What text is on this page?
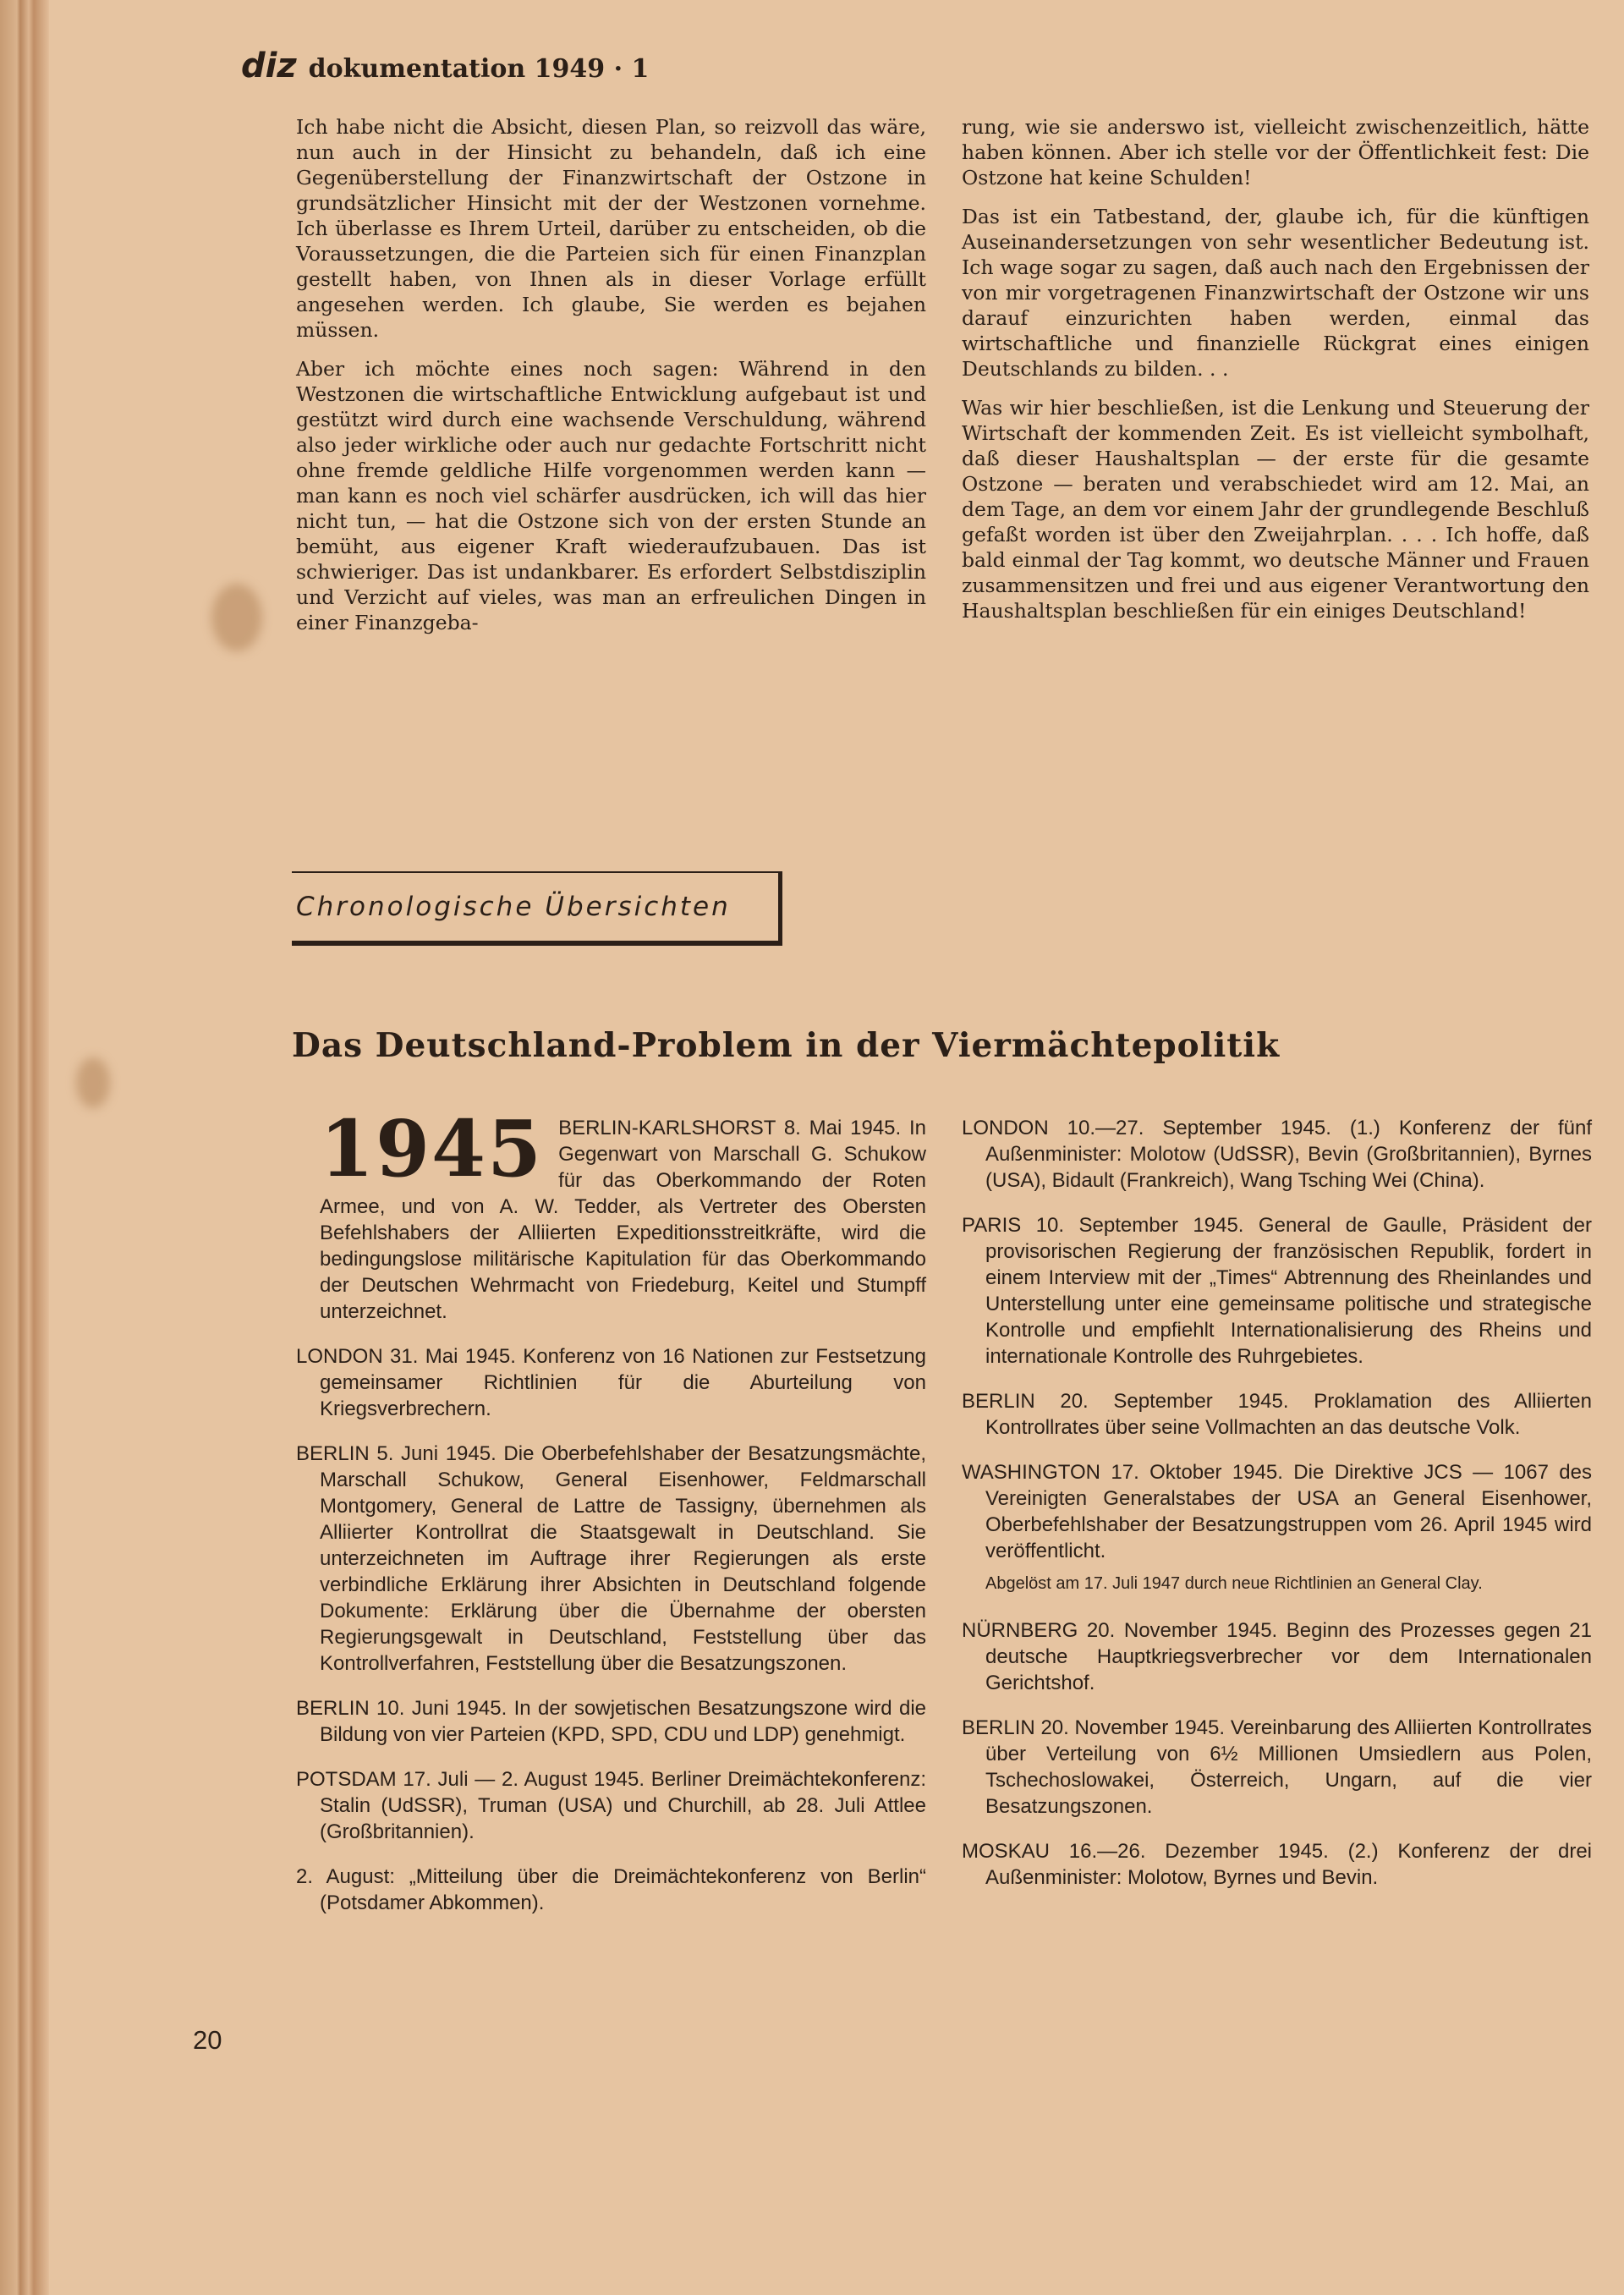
diz dokumentation 1949 · 1

Ich habe nicht die Absicht, diesen Plan, so reizvoll das wäre, nun auch in der Hinsicht zu behandeln, daß ich eine Gegenüberstellung der Finanzwirtschaft der Ostzone in grundsätzlicher Hinsicht mit der der Westzonen vornehme. Ich überlasse es Ihrem Urteil, darüber zu entscheiden, ob die Voraussetzungen, die die Parteien sich für einen Finanzplan gestellt haben, von Ihnen als in dieser Vorlage erfüllt angesehen werden. Ich glaube, Sie werden es bejahen müssen.

Aber ich möchte eines noch sagen: Während in den Westzonen die wirtschaftliche Entwicklung aufgebaut ist und gestützt wird durch eine wachsende Verschuldung, während also jeder wirkliche oder auch nur gedachte Fortschritt nicht ohne fremde geldliche Hilfe vorgenommen werden kann — man kann es noch viel schärfer ausdrücken, ich will das hier nicht tun, — hat die Ostzone sich von der ersten Stunde an bemüht, aus eigener Kraft wiederaufzubauen. Das ist schwieriger. Das ist undankbarer. Es erfordert Selbstdisziplin und Verzicht auf vieles, was man an erfreulichen Dingen in einer Finanzgeba-

rung, wie sie anderswo ist, vielleicht zwischenzeitlich, hätte haben können. Aber ich stelle vor der Öffentlichkeit fest: Die Ostzone hat keine Schulden!

Das ist ein Tatbestand, der, glaube ich, für die künftigen Auseinandersetzungen von sehr wesentlicher Bedeutung ist. Ich wage sogar zu sagen, daß auch nach den Ergebnissen der von mir vorgetragenen Finanzwirtschaft der Ostzone wir uns darauf einzurichten haben werden, einmal das wirtschaftliche und finanzielle Rückgrat eines einigen Deutschlands zu bilden. . .

Was wir hier beschließen, ist die Lenkung und Steuerung der Wirtschaft der kommenden Zeit. Es ist vielleicht symbolhaft, daß dieser Haushaltsplan — der erste für die gesamte Ostzone — beraten und verabschiedet wird am 12. Mai, an dem Tage, an dem vor einem Jahr der grundlegende Beschluß gefaßt worden ist über den Zweijahrplan. . . . Ich hoffe, daß bald einmal der Tag kommt, wo deutsche Männer und Frauen zusammensitzen und frei und aus eigener Verantwortung den Haushaltsplan beschließen für ein einiges Deutschland!

Chronologische Übersichten
Das Deutschland-Problem in der Viermächtepolitik
1945 BERLIN-KARLSHORST 8. Mai 1945. In Gegenwart von Marschall G. Schukow für das Oberkommando der Roten Armee, und von A. W. Tedder, als Vertreter des Obersten Befehlshabers der Alliierten Expeditionsstreitkräfte, wird die bedingungslose militärische Kapitulation für das Oberkommando der Deutschen Wehrmacht von Friedeburg, Keitel und Stumpff unterzeichnet.
LONDON 31. Mai 1945. Konferenz von 16 Nationen zur Festsetzung gemeinsamer Richtlinien für die Aburteilung von Kriegsverbrechern.
BERLIN 5. Juni 1945. Die Oberbefehlshaber der Besatzungsmächte, Marschall Schukow, General Eisenhower, Feldmarschall Montgomery, General de Lattre de Tassigny, übernehmen als Alliierter Kontrollrat die Staatsgewalt in Deutschland. Sie unterzeichneten im Auftrage ihrer Regierungen als erste verbindliche Erklärung ihrer Absichten in Deutschland folgende Dokumente: Erklärung über die Übernahme der obersten Regierungsgewalt in Deutschland, Feststellung über das Kontrollverfahren, Feststellung über die Besatzungszonen.
BERLIN 10. Juni 1945. In der sowjetischen Besatzungszone wird die Bildung von vier Parteien (KPD, SPD, CDU und LDP) genehmigt.
POTSDAM 17. Juli — 2. August 1945. Berliner Dreimächtekonferenz: Stalin (UdSSR), Truman (USA) und Churchill, ab 28. Juli Attlee (Großbritannien).
2. August: „Mitteilung über die Dreimächtekonferenz von Berlin“ (Potsdamer Abkommen).
LONDON 10.—27. September 1945. (1.) Konferenz der fünf Außenminister: Molotow (UdSSR), Bevin (Großbritannien), Byrnes (USA), Bidault (Frankreich), Wang Tsching Wei (China).
PARIS 10. September 1945. General de Gaulle, Präsident der provisorischen Regierung der französischen Republik, fordert in einem Interview mit der „Times“ Abtrennung des Rheinlandes und Unterstellung unter eine gemeinsame politische und strategische Kontrolle und empfiehlt Internationalisierung des Rheins und internationale Kontrolle des Ruhrgebietes.
BERLIN 20. September 1945. Proklamation des Alliierten Kontrollrates über seine Vollmachten an das deutsche Volk.
WASHINGTON 17. Oktober 1945. Die Direktive JCS — 1067 des Vereinigten Generalstabes der USA an General Eisenhower, Oberbefehlshaber der Besatzungstruppen vom 26. April 1945 wird veröffentlicht.
Abgelöst am 17. Juli 1947 durch neue Richtlinien an General Clay.
NÜRNBERG 20. November 1945. Beginn des Prozesses gegen 21 deutsche Hauptkriegsverbrecher vor dem Internationalen Gerichtshof.
BERLIN 20. November 1945. Vereinbarung des Alliierten Kontrollrates über Verteilung von 6½ Millionen Umsiedlern aus Polen, Tschechoslowakei, Österreich, Ungarn, auf die vier Besatzungszonen.
MOSKAU 16.—26. Dezember 1945. (2.) Konferenz der drei Außenminister: Molotow, Byrnes und Bevin.
20
